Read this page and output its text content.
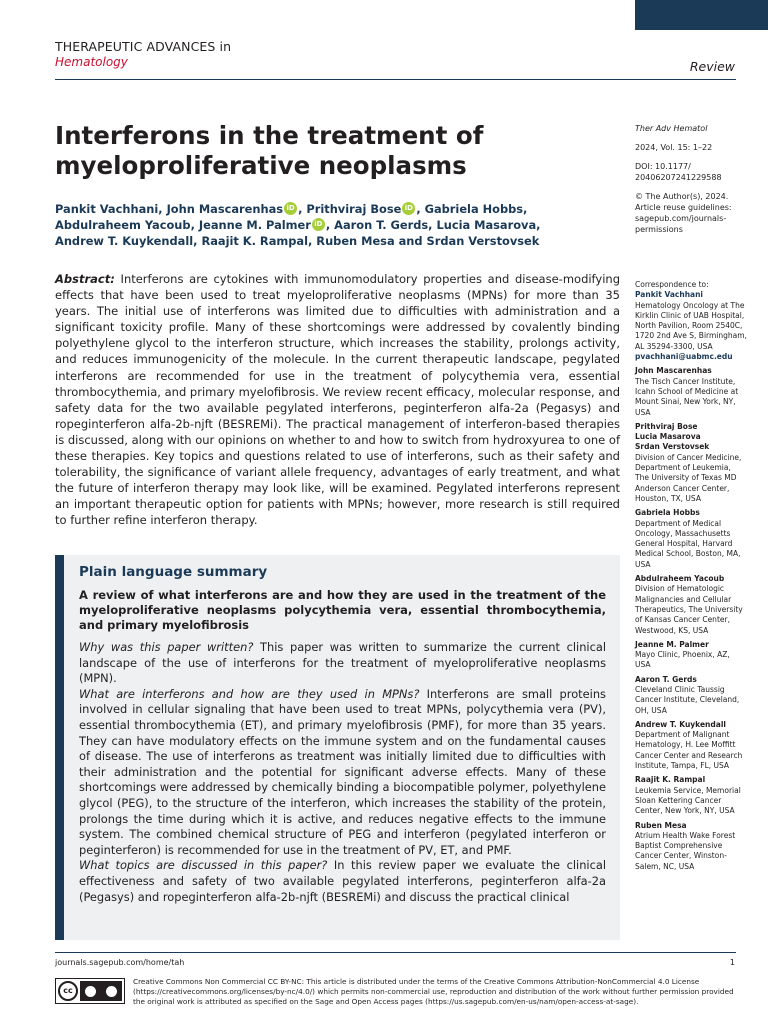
THERAPEUTIC ADVANCES in
Hematology	Review
Interferons in the treatment of myeloproliferative neoplasms
Pankit Vachhani, John Mascarenhas iD , Prithviraj Bose iD , Gabriela Hobbs,
Abdulraheem Yacoub, Jeanne M. Palmer iD , Aaron T. Gerds, Lucia Masarova,
Andrew T. Kuykendall, Raajit K. Rampal, Ruben Mesa and Srdan Verstovsek
Ther Adv Hematol
2024, Vol. 15: 1–22
DOI: 10.1177/ 20406207241229588
© The Author(s), 2024. Article reuse guidelines: sagepub.com/journals-permissions
Abstract: Interferons are cytokines with immunomodulatory properties and disease-modifying effects that have been used to treat myeloproliferative neoplasms (MPNs) for more than 35 years. The initial use of interferons was limited due to difficulties with administration and a significant toxicity profile. Many of these shortcomings were addressed by covalently binding polyethylene glycol to the interferon structure, which increases the stability, prolongs activity, and reduces immunogenicity of the molecule. In the current therapeutic landscape, pegylated interferons are recommended for use in the treatment of polycythemia vera, essential thrombocythemia, and primary myelofibrosis. We review recent efficacy, molecular response, and safety data for the two available pegylated interferons, peginterferon alfa-2a (Pegasys) and ropeginterferon alfa-2b-njft (BESREMi). The practical management of interferon-based therapies is discussed, along with our opinions on whether to and how to switch from hydroxyurea to one of these therapies. Key topics and questions related to use of interferons, such as their safety and tolerability, the significance of variant allele frequency, advantages of early treatment, and what the future of interferon therapy may look like, will be examined. Pegylated interferons represent an important therapeutic option for patients with MPNs; however, more research is still required to further refine interferon therapy.
Plain language summary
A review of what interferons are and how they are used in the treatment of the myeloproliferative neoplasms polycythemia vera, essential thrombocythemia, and primary myelofibrosis
Why was this paper written? This paper was written to summarize the current clinical landscape of the use of interferons for the treatment of myeloproliferative neoplasms (MPN).
What are interferons and how are they used in MPNs? Interferons are small proteins involved in cellular signaling that have been used to treat MPNs, polycythemia vera (PV), essential thrombocythemia (ET), and primary myelofibrosis (PMF), for more than 35 years. They can have modulatory effects on the immune system and on the fundamental causes of disease. The use of interferons as treatment was initially limited due to difficulties with their administration and the potential for significant adverse effects. Many of these shortcomings were addressed by chemically binding a biocompatible polymer, polyethylene glycol (PEG), to the structure of the interferon, which increases the stability of the protein, prolongs the time during which it is active, and reduces negative effects to the immune system. The combined chemical structure of PEG and interferon (pegylated interferon or peginterferon) is recommended for use in the treatment of PV, ET, and PMF.
What topics are discussed in this paper? In this review paper we evaluate the clinical effectiveness and safety of two available pegylated interferons, peginterferon alfa-2a (Pegasys) and ropeginterferon alfa-2b-njft (BESREMi) and discuss the practical clinical
Correspondence to:
Pankit Vachhani
Hematology Oncology at The Kirklin Clinic of UAB Hospital, North Pavilion, Room 2540C, 1720 2nd Ave S, Birmingham, AL 35294-3300, USA
pvachhani@uabmc.edu
John Mascarenhas
The Tisch Cancer Institute, Icahn School of Medicine at Mount Sinai, New York, NY, USA
Prithviraj Bose
Lucia Masarova
Srdan Verstovsek
Division of Cancer Medicine, Department of Leukemia, The University of Texas MD Anderson Cancer Center, Houston, TX, USA
Gabriela Hobbs
Department of Medical Oncology, Massachusetts General Hospital, Harvard Medical School, Boston, MA, USA
Abdulraheem Yacoub
Division of Hematologic Malignancies and Cellular Therapeutics, The University of Kansas Cancer Center, Westwood, KS, USA
Jeanne M. Palmer
Mayo Clinic, Phoenix, AZ, USA
Aaron T. Gerds
Cleveland Clinic Taussig Cancer Institute, Cleveland, OH, USA
Andrew T. Kuykendall
Department of Malignant Hematology, H. Lee Moffitt Cancer Center and Research Institute, Tampa, FL, USA
Raajit K. Rampal
Leukemia Service, Memorial Sloan Kettering Cancer Center, New York, NY, USA
Ruben Mesa
Atrium Health Wake Forest Baptist Comprehensive Cancer Center, Winston-Salem, NC, USA
journals.sagepub.com/home/tah	1
cc
Creative Commons Non Commercial CC BY-NC: This article is distributed under the terms of the Creative Commons Attribution-NonCommercial 4.0 License (https://creativecommons.org/licenses/by-nc/4.0/) which permits non-commercial use, reproduction and distribution of the work without further permission provided the original work is attributed as specified on the Sage and Open Access pages (https://us.sagepub.com/en-us/nam/open-access-at-sage).
